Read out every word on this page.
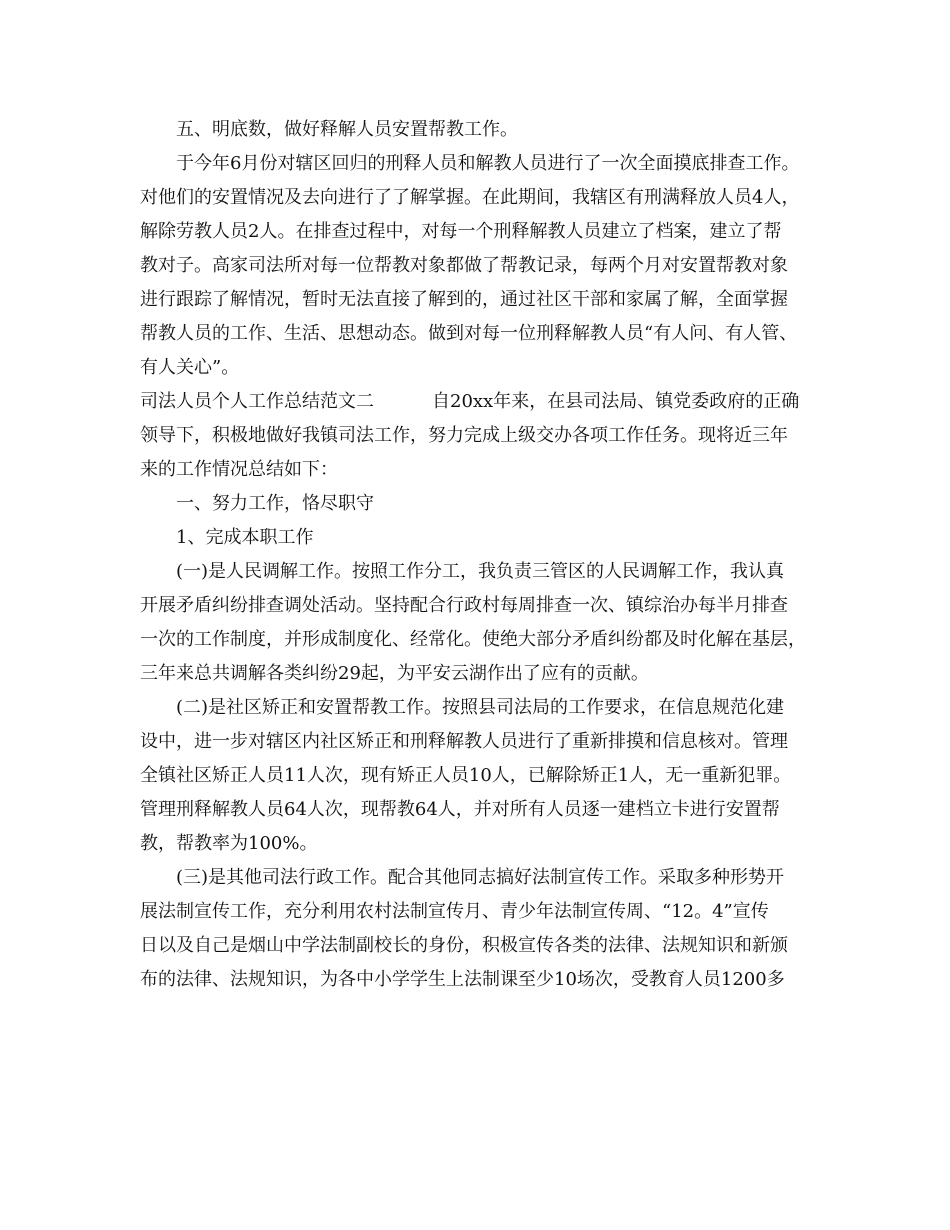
五、明底数，做好释解人员安置帮教工作。
于今年6月份对辖区回归的刑释人员和解教人员进行了一次全面摸底排查工作。
对他们的安置情况及去向进行了了解掌握。在此期间，我辖区有刑满释放人员4人，
解除劳教人员2人。在排查过程中，对每一个刑释解教人员建立了档案，建立了帮
教对子。高家司法所对每一位帮教对象都做了帮教记录，每两个月对安置帮教对象
进行跟踪了解情况，暂时无法直接了解到的，通过社区干部和家属了解，全面掌握
帮教人员的工作、生活、思想动态。做到对每一位刑释解教人员“有人问、有人管、
有人关心”。
司法人员个人工作总结范文二	自20xx年来，在县司法局、镇党委政府的正确
领导下，积极地做好我镇司法工作，努力完成上级交办各项工作任务。现将近三年
来的工作情况总结如下：
一、努力工作，恪尽职守
1、完成本职工作
(一)是人民调解工作。按照工作分工，我负责三管区的人民调解工作，我认真
开展矛盾纠纷排查调处活动。坚持配合行政村每周排查一次、镇综治办每半月排查
一次的工作制度，并形成制度化、经常化。使绝大部分矛盾纠纷都及时化解在基层，
三年来总共调解各类纠纷29起，为平安云湖作出了应有的贡献。
(二)是社区矫正和安置帮教工作。按照县司法局的工作要求，在信息规范化建
设中，进一步对辖区内社区矫正和刑释解教人员进行了重新排摸和信息核对。管理
全镇社区矫正人员11人次，现有矫正人员10人，已解除矫正1人，无一重新犯罪。
管理刑释解教人员64人次，现帮教64人，并对所有人员逐一建档立卡进行安置帮
教，帮教率为100%。
(三)是其他司法行政工作。配合其他同志搞好法制宣传工作。采取多种形势开
展法制宣传工作，充分利用农村法制宣传月、青少年法制宣传周、“12。4”宣传
日以及自己是烟山中学法制副校长的身份，积极宣传各类的法律、法规知识和新颁
布的法律、法规知识，为各中小学学生上法制课至少10场次，受教育人员1200多
